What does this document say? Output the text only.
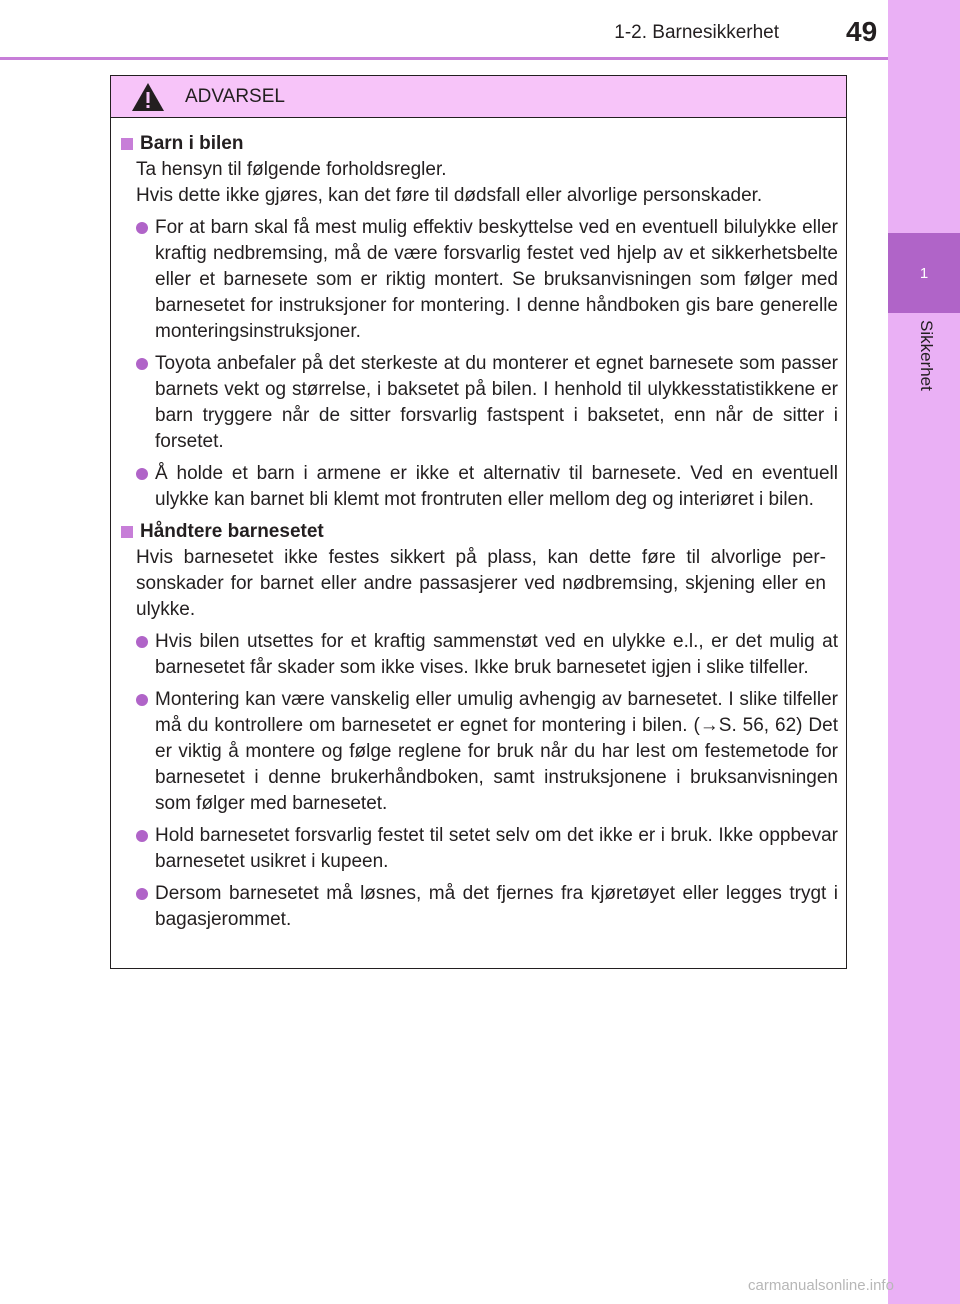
1
Sikkerhet
1-2. Barnesikkerhet 49
ADVARSEL
Barn i bilen
Ta hensyn til følgende forholdsregler.
Hvis dette ikke gjøres, kan det føre til dødsfall eller alvorlige personskader.

For at barn skal få mest mulig effektiv beskyttelse ved en eventuell bilulykke eller kraftig nedbremsing, må de være forsvarlig festet ved hjelp av et sikkerhetsbelte eller et barnesete som er riktig montert. Se bruksanvisningen som følger med barnesetet for instruksjoner for montering. I denne håndboken gis bare generelle monteringsinstruksjoner.

Toyota anbefaler på det sterkeste at du monterer et egnet barnesete som passer barnets vekt og størrelse, i baksetet på bilen. I henhold til ulykkesstatistikkene er barn tryggere når de sitter forsvarlig fastspent i baksetet, enn når de sitter i forsetet.

Å holde et barn i armene er ikke et alternativ til barnesete. Ved en eventuell ulykke kan barnet bli klemt mot frontruten eller mellom deg og interiøret i bilen.

Håndtere barnesetet
Hvis barnesetet ikke festes sikkert på plass, kan dette føre til alvorlige personskader for barnet eller andre passasjerer ved nødbremsing, skjening eller en ulykke.

Hvis bilen utsettes for et kraftig sammenstøt ved en ulykke e.l., er det mulig at barnesetet får skader som ikke vises. Ikke bruk barnesetet igjen i slike tilfeller.

Montering kan være vanskelig eller umulig avhengig av barnesetet. I slike tilfeller må du kontrollere om barnesetet er egnet for montering i bilen. (→S. 56, 62) Det er viktig å montere og følge reglene for bruk når du har lest om festemetode for barnesetet i denne brukerhåndboken, samt instruksjonene i bruksanvisningen som følger med barnesetet.

Hold barnesetet forsvarlig festet til setet selv om det ikke er i bruk. Ikke oppbevar barnesetet usikret i kupeen.

Dersom barnesetet må løsnes, må det fjernes fra kjøretøyet eller legges trygt i bagasjerommet.

carmanualsonline.info
